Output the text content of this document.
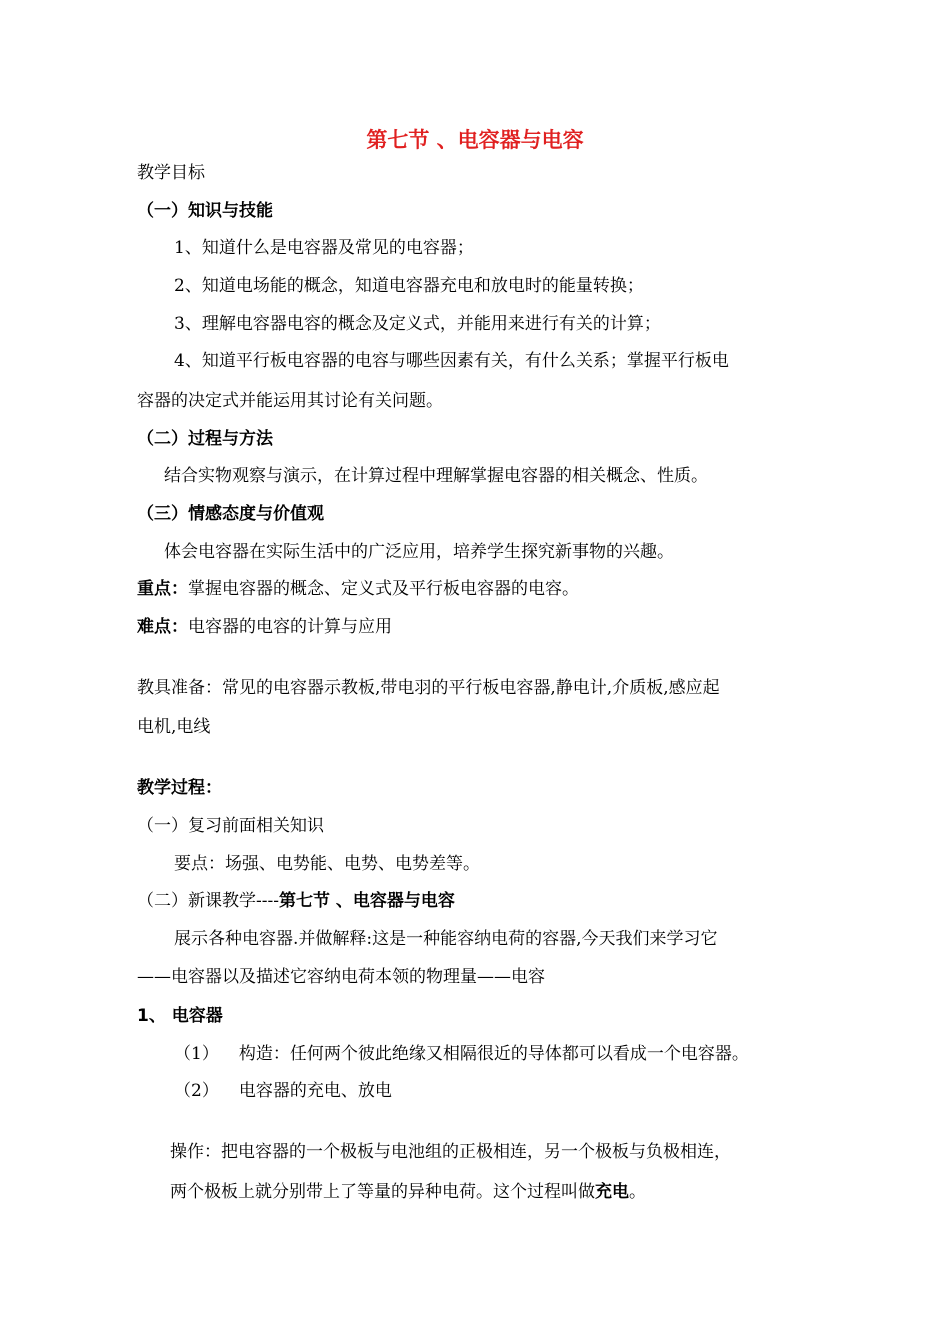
第七节 、电容器与电容
教学目标
（一）知识与技能
1、知道什么是电容器及常见的电容器；
2、知道电场能的概念，知道电容器充电和放电时的能量转换；
3、理解电容器电容的概念及定义式，并能用来进行有关的计算；
4、知道平行板电容器的电容与哪些因素有关，有什么关系；掌握平行板电
容器的决定式并能运用其讨论有关问题。
（二）过程与方法
结合实物观察与演示，在计算过程中理解掌握电容器的相关概念、性质。
（三）情感态度与价值观
体会电容器在实际生活中的广泛应用，培养学生探究新事物的兴趣。
重点：掌握电容器的概念、定义式及平行板电容器的电容。
难点：电容器的电容的计算与应用
教具准备：常见的电容器示教板,带电羽的平行板电容器,静电计,介质板,感应起
电机,电线
教学过程：
（一）复习前面相关知识
要点：场强、电势能、电势、电势差等。
（二）新课教学----第七节 、电容器与电容
展示各种电容器.并做解释:这是一种能容纳电荷的容器,今天我们来学习它
——电容器以及描述它容纳电荷本领的物理量——电容
1、 电容器
（1） 构造：任何两个彼此绝缘又相隔很近的导体都可以看成一个电容器。
（2） 电容器的充电、放电
操作：把电容器的一个极板与电池组的正极相连，另一个极板与负极相连，
两个极板上就分别带上了等量的异种电荷。这个过程叫做充电。
